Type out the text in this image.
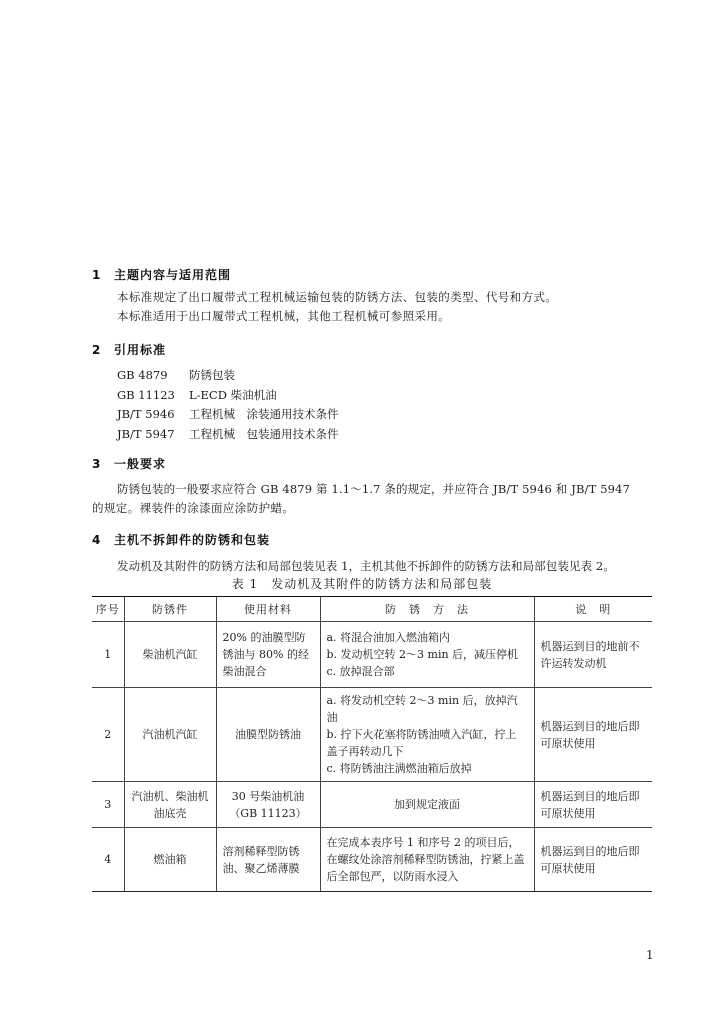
1 主题内容与适用范围
本标准规定了出口履带式工程机械运输包装的防锈方法、包装的类型、代号和方式。
本标准适用于出口履带式工程机械，其他工程机械可参照采用。
2 引用标准
GB 4879 防锈包装
GB 11123 L-ECD 柴油机油
JB/T 5946 工程机械　涂装通用技术条件
JB/T 5947 工程机械　包装通用技术条件
3 一般要求
防锈包装的一般要求应符合 GB 4879 第 1.1～1.7 条的规定，并应符合 JB/T 5946 和 JB/T 5947
的规定。裸装件的涂漆面应涂防护蜡。
4 主机不拆卸件的防锈和包装
发动机及其附件的防锈方法和局部包装见表 1，主机其他不拆卸件的防锈方法和局部包装见表 2。
表 1　发动机及其附件的防锈方法和局部包装
序号	防锈件	使用材料	防　锈　方　法	说　明
1	柴油机汽缸	20% 的油膜型防锈油与 80% 的经柴油混合	a. 将混合油加入燃油箱内
b. 发动机空转 2～3 min 后，减压停机
c. 放掉混合部	机器运到目的地前不许运转发动机
2	汽油机汽缸	油膜型防锈油	a. 将发动机空转 2～3 min 后，放掉汽油
b. 拧下火花塞将防锈油喷入汽缸，拧上盖子再转动几下
c. 将防锈油注满燃油箱后放掉	机器运到目的地后即可原状使用
3	汽油机、柴油机油底壳	30 号柴油机油（GB 11123）	加到规定液面	机器运到目的地后即可原状使用
4	燃油箱	溶剂稀释型防锈油、聚乙烯薄膜	在完成本表序号 1 和序号 2 的项目后，在螺纹处涂溶剂稀释型防锈油，拧紧上盖后全部包严，以防雨水浸入	机器运到目的地后即可原状使用
1
